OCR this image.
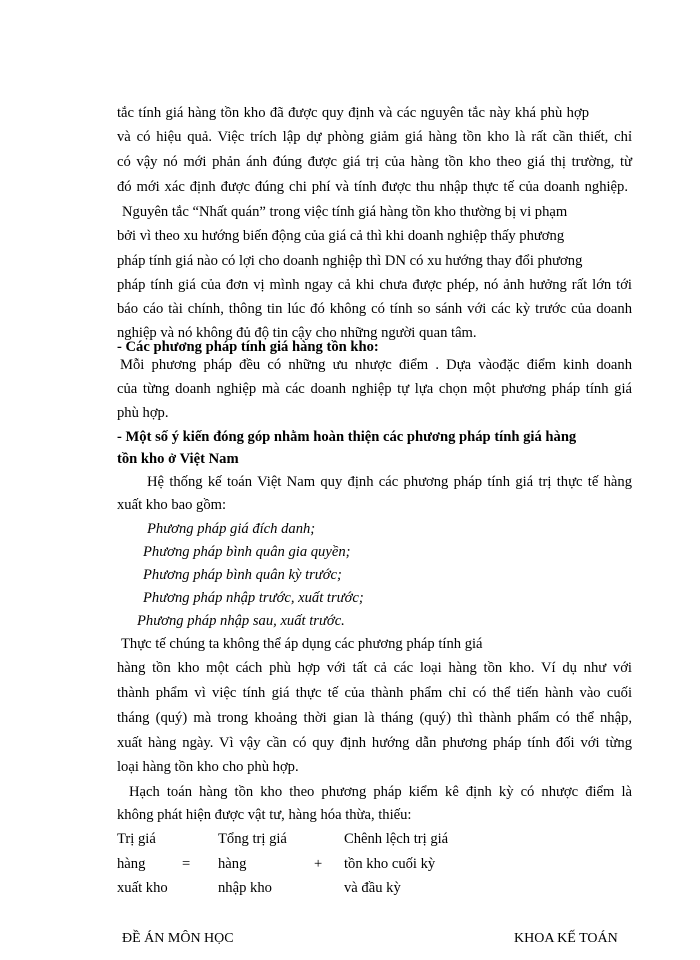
tắc tính giá hàng tồn kho đã được quy định và các nguyên tắc này khá phù hợp
và có hiệu quả. Việc trích lập dự phòng giảm giá hàng tồn kho là rất cần thiết, chỉ
có vậy nó mới phản ánh đúng được giá trị của hàng tồn kho theo giá thị trường, từ
đó mới xác định được đúng chi phí và tính được thu nhập thực tế của doanh nghiệp.
Nguyên tắc “Nhất quán” trong việc tính giá hàng tồn kho thường bị vi phạm
bởi vì theo xu hướng biến động của giá cả thì khi doanh nghiệp thấy phương
pháp tính giá nào có lợi cho doanh nghiệp thì DN có xu hướng thay đổi phương
pháp tính giá của đơn vị mình ngay cả khi chưa được phép, nó ảnh hưởng rất lớn tới
báo cáo tài chính, thông tin lúc đó không có tính so sánh với các kỳ trước của doanh
nghiệp và nó không đủ độ tin cậy cho những người quan tâm.
- Các phương pháp tính giá hàng tồn kho:
Mỗi phương pháp đều có những ưu nhược điểm . Dựa vàođặc điểm kinh doanh
của từng doanh nghiệp mà các doanh nghiệp tự lựa chọn một phương pháp tính giá
phù hợp.
- Một số ý kiến đóng góp nhằm hoàn thiện các phương pháp tính giá hàng
tồn kho ở Việt Nam
Hệ thống kế toán Việt Nam quy định các phương pháp tính giá trị thực tế hàng
xuất kho bao gồm:
Phương pháp giá đích danh;
Phương pháp bình quân gia quyền;
Phương pháp bình quân kỳ trước;
Phương pháp nhập trước, xuất trước;
Phương pháp nhập sau, xuất trước.
Thực tế chúng ta không thể áp dụng các phương pháp tính giá
hàng tồn kho một cách phù hợp với tất cả các loại hàng tồn kho. Ví dụ như với
thành phẩm vì việc tính giá thực tế của thành phẩm chỉ có thể tiến hành vào cuối
tháng (quý) mà trong khoảng thời gian là tháng (quý) thì thành phẩm có thể nhập,
xuất hàng ngày. Vì vậy cần có quy định hướng dẫn phương pháp tính đối với từng
loại hàng tồn kho cho phù hợp.
Hạch toán hàng tồn kho theo phương pháp kiểm kê định kỳ có nhược điểm là
không phát hiện được vật tư, hàng hóa thừa, thiếu:
Trị giá
hàng
xuất kho
=
Tổng trị giá
hàng
nhập kho
+
Chênh lệch trị giá
tồn kho cuối kỳ
và đầu kỳ
ĐỀ ÁN MÔN HỌC	KHOA KẾ TOÁN
